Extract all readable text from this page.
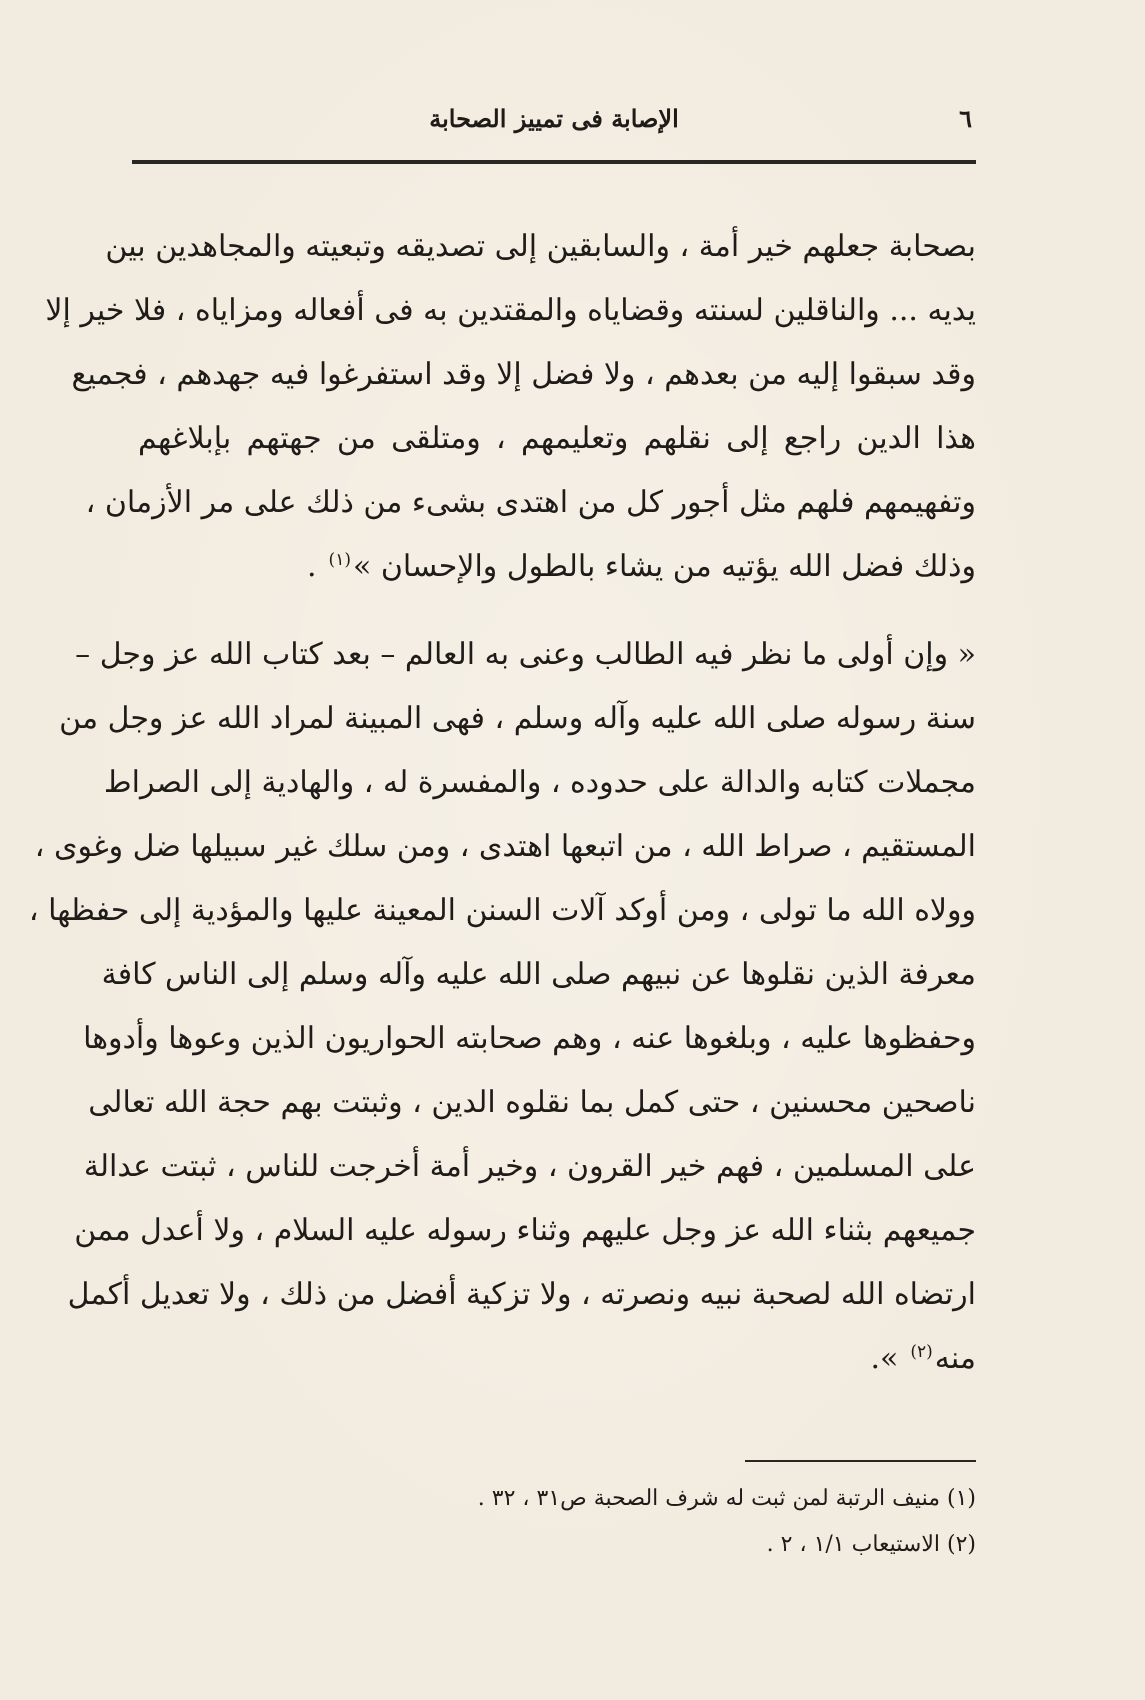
٦
الإصابة فى تمييز الصحابة
بصحابة جعلهم خير أمة ، والسابقين إلى تصديقه وتبعيته والمجاهدين بين
يديه ... والناقلين لسنته وقضاياه والمقتدين به فى أفعاله ومزاياه ، فلا خير إلا
وقد سبقوا إليه من بعدهم ، ولا فضل إلا وقد استفرغوا فيه جهدهم ، فجميع
هذا الدين راجع إلى نقلهم وتعليمهم ، ومتلقى من جهتهم بإبلاغهم
وتفهيمهم فلهم مثل أجور كل من اهتدى بشىء من ذلك على مر الأزمان ،
وذلك فضل الله يؤتيه من يشاء بالطول والإحسان »$^{(١)}$.
« وإن أولى ما نظر فيه الطالب وعنى به العالم – بعد كتاب الله عز وجل –
سنة رسوله صلى الله عليه وآله وسلم ، فهى المبينة لمراد الله عز وجل من
مجملات كتابه والدالة على حدوده ، والمفسرة له ، والهادية إلى الصراط
المستقيم ، صراط الله ، من اتبعها اهتدى ، ومن سلك غير سبيلها ضل وغوى ،
وولاه الله ما تولى ، ومن أوكد آلات السنن المعينة عليها والمؤدية إلى حفظها ،
معرفة الذين نقلوها عن نبيهم صلى الله عليه وآله وسلم إلى الناس كافة
وحفظوها عليه ، وبلغوها عنه ، وهم صحابته الحواريون الذين وعوها وأدوها
ناصحين محسنين ، حتى كمل بما نقلوه الدين ، وثبتت بهم حجة الله تعالى
على المسلمين ، فهم خير القرون ، وخير أمة أخرجت للناس ، ثبتت عدالة
جميعهم بثناء الله عز وجل عليهم وثناء رسوله عليه السلام ، ولا أعدل ممن
ارتضاه الله لصحبة نبيه ونصرته ، ولا تزكية أفضل من ذلك ، ولا تعديل أكمل
منه$^{(٢)}$».
(١) منيف الرتبة لمن ثبت له شرف الصحبة ص٣١ ، ٣٢ .
(٢) الاستيعاب ١/١ ، ٢ .
